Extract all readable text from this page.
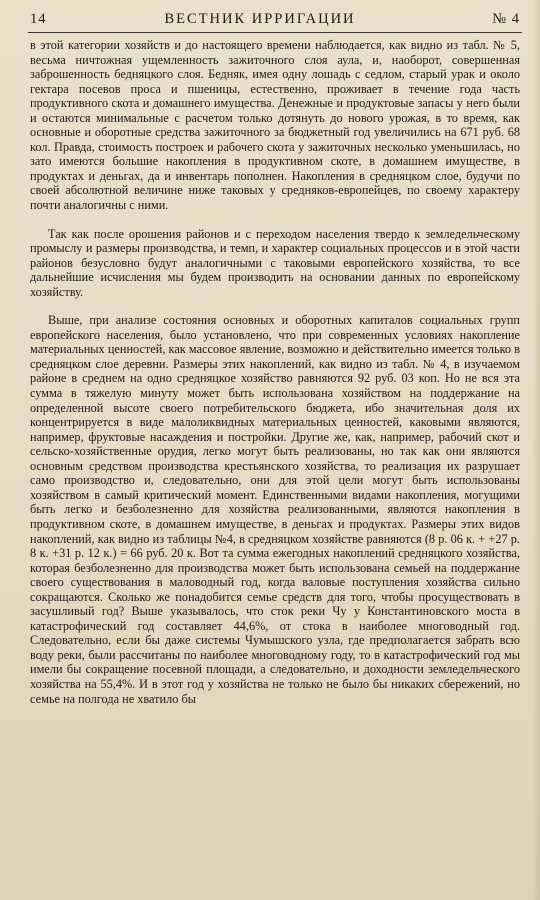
14	ВЕСТНИК ИРРИГАЦИИ	№ 4

в этой категории хозяйств и до настоящего времени наблюдается, как видно из табл. № 5, весьма ничтожная ущемленность зажиточного слоя аула, и, наоборот, совершенная заброшенность бедняцкого слоя. Бедняк, имея одну лошадь с седлом, старый урак и около гектара посевов проса и пшеницы, естественно, проживает в течение года часть продуктивного скота и домашнего имущества. Денежные и продуктовые запасы у него были и остаются минимальные с расчетом только дотянуть до нового урожая, в то время, как основные и оборотные средства зажиточного за бюджетный год увеличились на 671 руб. 68 кол. Правда, стоимость построек и рабочего скота у зажиточных несколько уменьшилась, но зато имеются большие накопления в продуктивном скоте, в домашнем имуществе, в продуктах и деньгах, да и инвентарь пополнен. Накопления в средняцком слое, будучи по своей абсолютной величине ниже таковых у средняков-европейцев, по своему характеру почти аналогичны с ними.

Так как после орошения районов и с переходом населения твердо к земледельческому промыслу и размеры производства, и темп, и характер социальных процессов и в этой части районов безусловно будут аналогичными с таковыми европейского хозяйства, то все дальнейшие исчисления мы будем производить на основании данных по европейскому хозяйству.

Выше, при анализе состояния основных и оборотных капиталов социальных групп европейского населения, было установлено, что при современных условиях накопление материальных ценностей, как массовое явление, возможно и действительно имеется только в средняцком слое деревни. Размеры этих накоплений, как видно из табл. № 4, в изучаемом районе в среднем на одно средняцкое хозяйство равняются 92 руб. 03 коп. Но не вся эта сумма в тяжелую минуту может быть использована хозяйством на поддержание на определенной высоте своего потребительского бюджета, ибо значительная доля их концентрируется в виде малоликвидных материальных ценностей, каковыми являются, например, фруктовые насаждения и постройки. Другие же, как, например, рабочий скот и сельско-хозяйственные орудия, легко могут быть реализованы, но так как они являются основным средством производства крестьянского хозяйства, то реализация их разрушает само производство и, следовательно, они для этой цели могут быть использованы хозяйством в самый критический момент. Единственными видами накопления, могущими быть легко и безболезненно для хозяйства реализованными, являются накопления в продуктивном скоте, в домашнем имуществе, в деньгах и продуктах. Размеры этих видов накоплений, как видно из таблицы №4, в средняцком хозяйстве равняются (8 р. 06 к. + +27 р. 8 к. +31 р. 12 к.) = 66 руб. 20 к. Вот та сумма ежегодных накоплений средняцкого хозяйства, которая безболезненно для производства может быть использована семьей на поддержание своего существования в маловодный год, когда валовые поступления хозяйства сильно сокращаются. Сколько же понадобится семье средств для того, чтобы просуществовать в засушливый год? Выше указывалось, что сток реки Чу у Константиновского моста в катастрофический год составляет 44,6%, от стока в наиболее многоводный год. Следовательно, если бы даже системы Чумышского узла, где предполагается забрать всю воду реки, были рассчитаны по наиболее многоводному году, то в катастрофический год мы имели бы сокращение посевной площади, а следовательно, и доходности земледельческого хозяйства на 55,4%. И в этот год у хозяйства не только не было бы никаких сбережений, но семье на полгода не хватило бы
